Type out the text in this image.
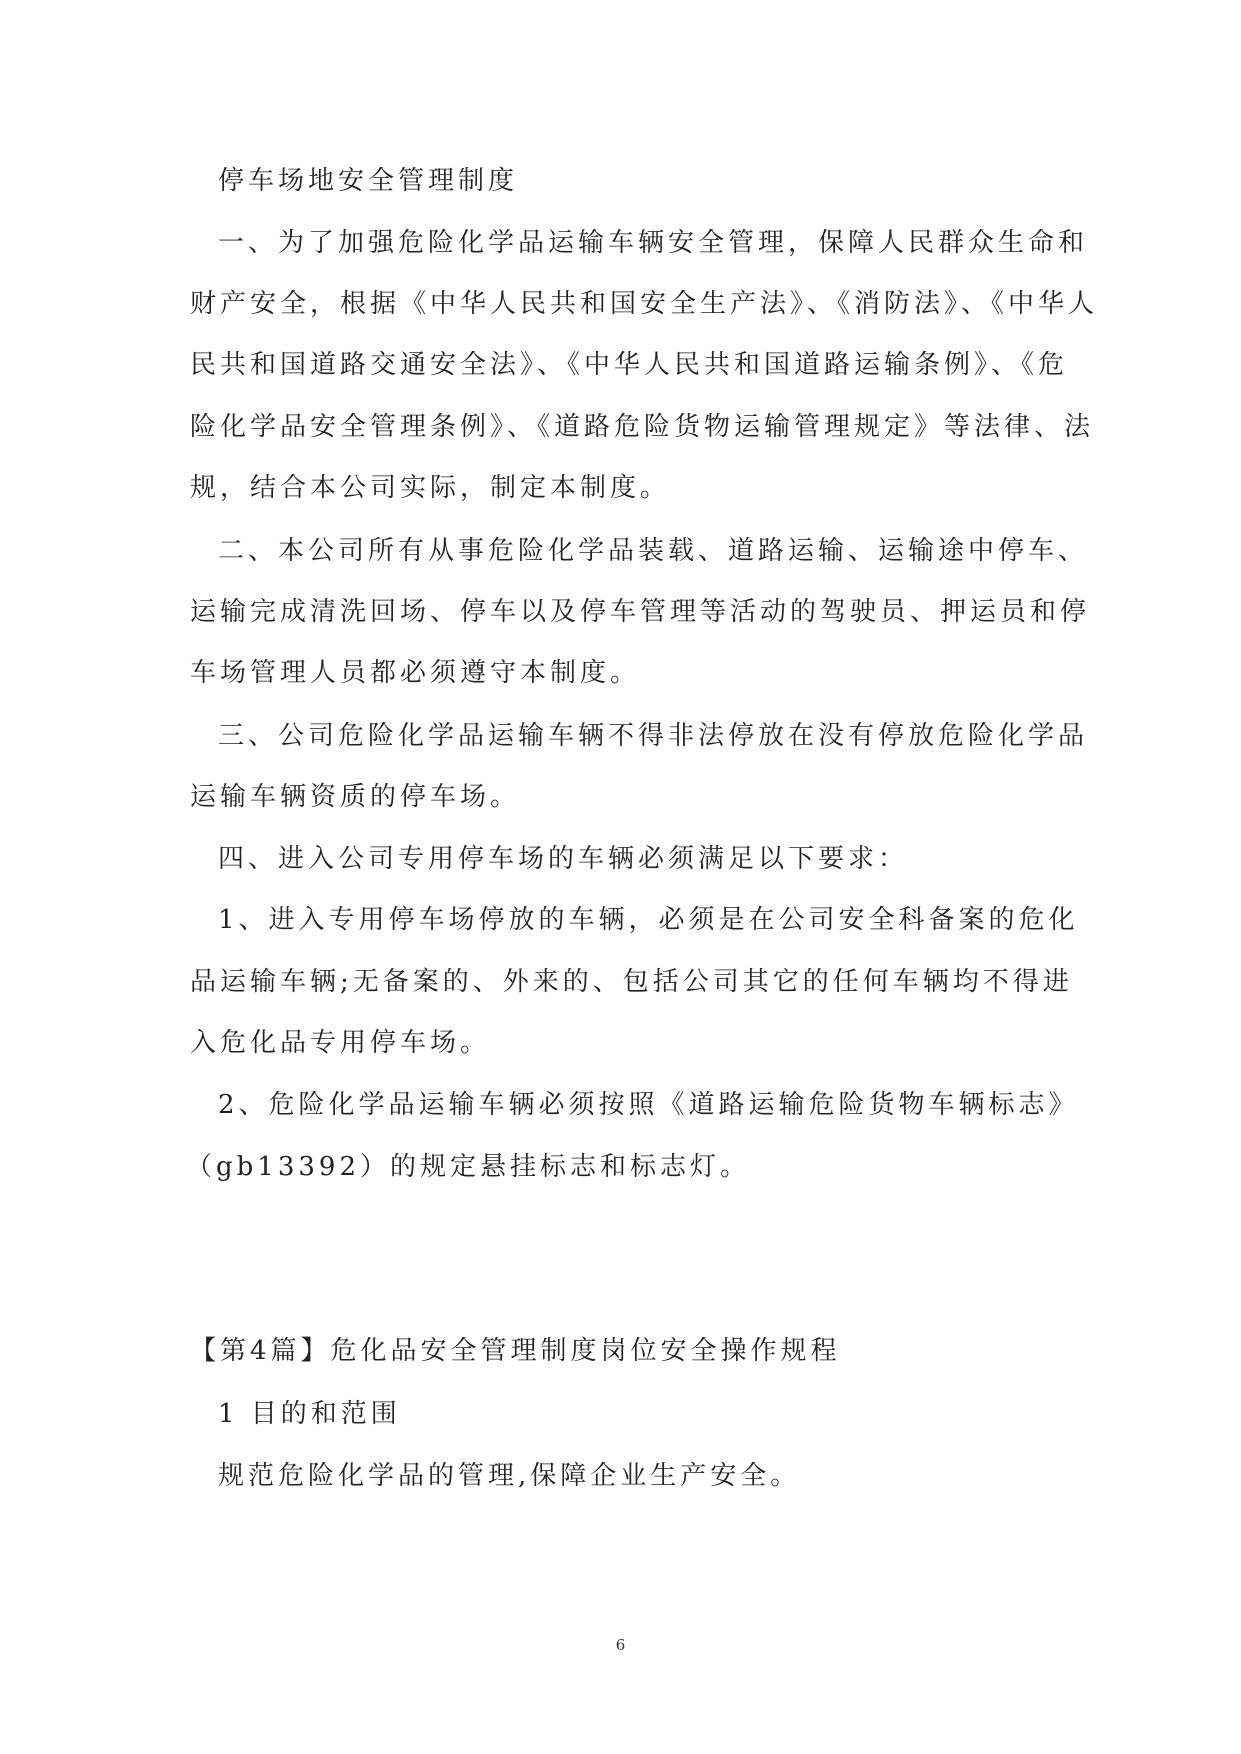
停车场地安全管理制度
一、为了加强危险化学品运输车辆安全管理，保障人民群众生命和
财产安全，根据《中华人民共和国安全生产法》、《消防法》、《中华人
民共和国道路交通安全法》、《中华人民共和国道路运输条例》、《危
险化学品安全管理条例》、《道路危险货物运输管理规定》等法律、法
规，结合本公司实际，制定本制度。
二、本公司所有从事危险化学品装载、道路运输、运输途中停车、
运输完成清洗回场、停车以及停车管理等活动的驾驶员、押运员和停
车场管理人员都必须遵守本制度。
三、公司危险化学品运输车辆不得非法停放在没有停放危险化学品
运输车辆资质的停车场。
四、进入公司专用停车场的车辆必须满足以下要求：
1、进入专用停车场停放的车辆，必须是在公司安全科备案的危化
品运输车辆;无备案的、外来的、包括公司其它的任何车辆均不得进
入危化品专用停车场。
2、危险化学品运输车辆必须按照《道路运输危险货物车辆标志》
（gb13392）的规定悬挂标志和标志灯。
【第4篇】危化品安全管理制度岗位安全操作规程
1 目的和范围
规范危险化学品的管理,保障企业生产安全。
6
